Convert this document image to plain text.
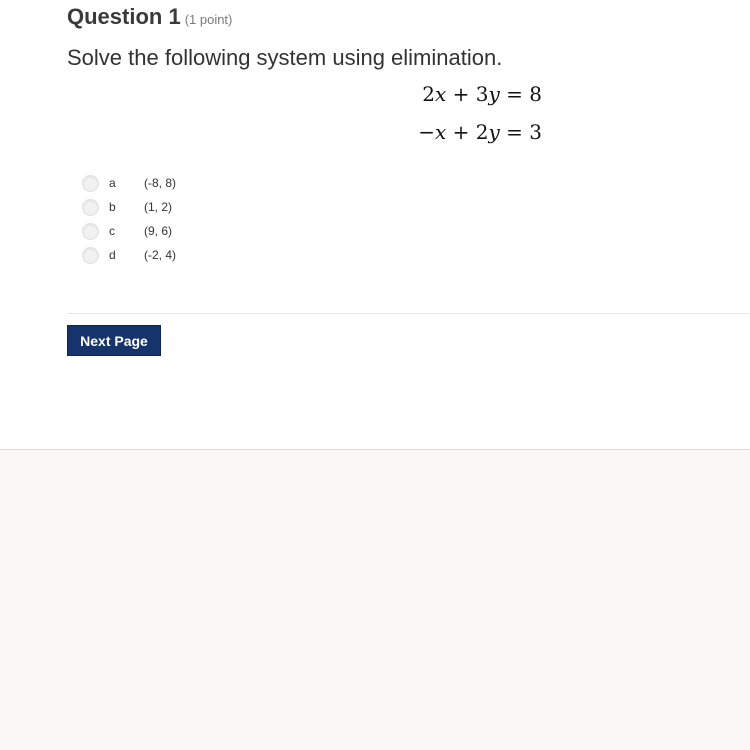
Question 1 (1 point)
Solve the following system using elimination.
2x + 3y = 8
−x + 2y = 3
a	(-8, 8)
b	(1, 2)
c	(9, 6)
d	(-2, 4)
Next Page
